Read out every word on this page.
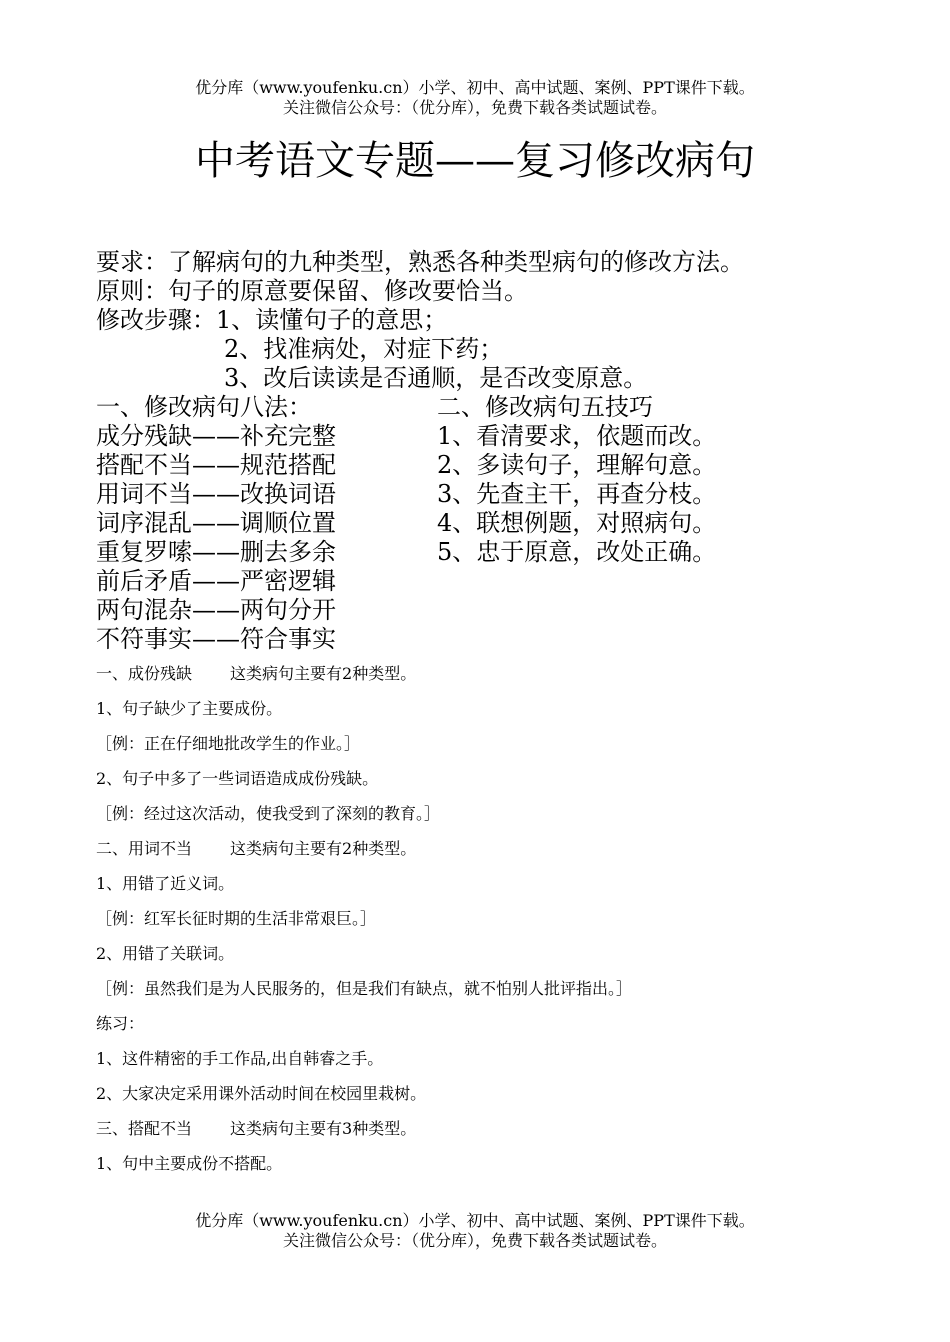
优分库（www.youfenku.cn）小学、初中、高中试题、案例、PPT课件下载。
关注微信公众号：（优分库），免费下载各类试题试卷。
中考语文专题——复习修改病句
要求：了解病句的九种类型，熟悉各种类型病句的修改方法。
原则：句子的原意要保留、修改要恰当。
修改步骤：1、读懂句子的意思；
2、找准病处，对症下药；
3、改后读读是否通顺，是否改变原意。
一、修改病句八法：	二、修改病句五技巧
成分残缺——补充完整
搭配不当——规范搭配
用词不当——改换词语
词序混乱——调顺位置
重复罗嗦——删去多余
前后矛盾——严密逻辑
两句混杂——两句分开
不符事实——符合事实
1、看清要求，依题而改。
2、多读句子，理解句意。
3、先查主干，再查分枝。
4、联想例题，对照病句。
5、忠于原意，改处正确。
一、成份残缺 这类病句主要有2种类型。
1、句子缺少了主要成份。
［例：正在仔细地批改学生的作业。］
2、句子中多了一些词语造成成份残缺。
［例：经过这次活动，使我受到了深刻的教育。］
二、用词不当 这类病句主要有2种类型。
1、用错了近义词。
［例：红军长征时期的生活非常艰巨。］
2、用错了关联词。
［例：虽然我们是为人民服务的，但是我们有缺点，就不怕别人批评指出。］
练习：
1、这件精密的手工作品,出自韩睿之手。
2、大家决定采用课外活动时间在校园里栽树。
三、搭配不当 这类病句主要有3种类型。
1、句中主要成份不搭配。
优分库（www.youfenku.cn）小学、初中、高中试题、案例、PPT课件下载。
关注微信公众号：（优分库），免费下载各类试题试卷。
